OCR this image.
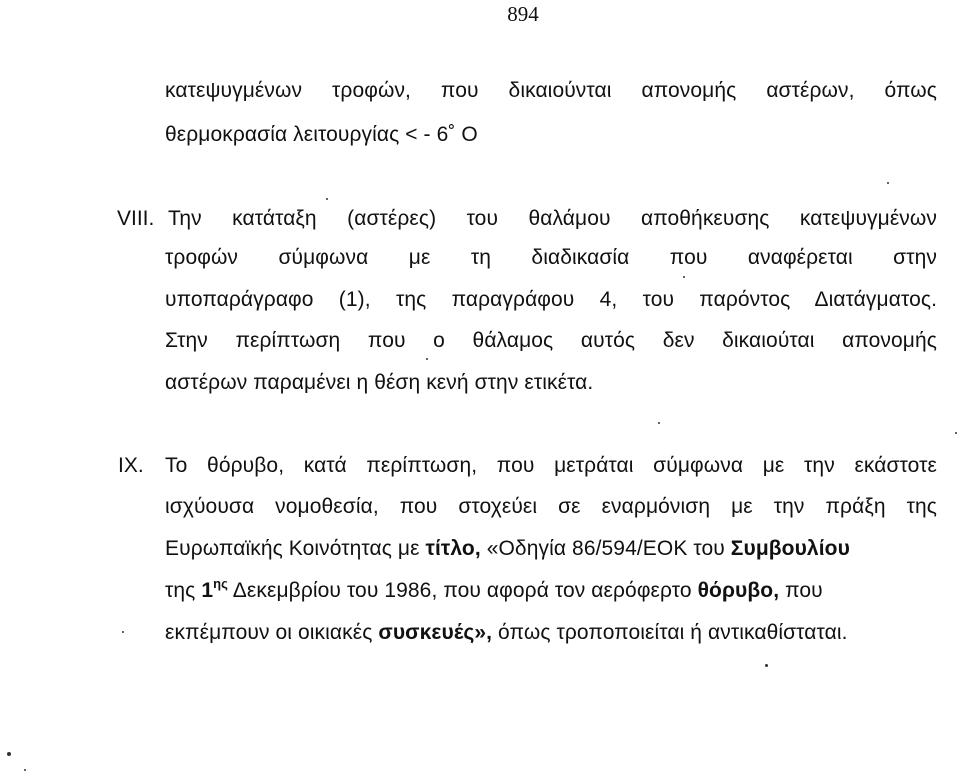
894
κατεψυγμένων τροφών, που δικαιούνται απονομής αστέρων, όπως
θερμοκρασία λειτουργίας < - 6˚ Ο
VIII. Την κατάταξη (αστέρες) του θαλάμου αποθήκευσης κατεψυγμένων
τροφών σύμφωνα με τη διαδικασία που αναφέρεται στην
υποπαράγραφο (1), της παραγράφου 4, του παρόντος Διατάγματος.
Στην περίπτωση που ο θάλαμος αυτός δεν δικαιούται απονομής
αστέρων παραμένει η θέση κενή στην ετικέτα.
IX. Το θόρυβο, κατά περίπτωση, που μετράται σύμφωνα με την εκάστοτε
ισχύουσα νομοθεσία, που στοχεύει σε εναρμόνιση με την πράξη της
Ευρωπαϊκής Κοινότητας με τίτλο, «Οδηγία 86/594/ΕΟΚ του Συμβουλίου
της $1^{\eta\varsigma}$ Δεκεμβρίου του 1986, που αφορά τον αερόφερτο θόρυβο, που
εκπέμπουν οι οικιακές συσκευές», όπως τροποποιείται ή αντικαθίσταται.
